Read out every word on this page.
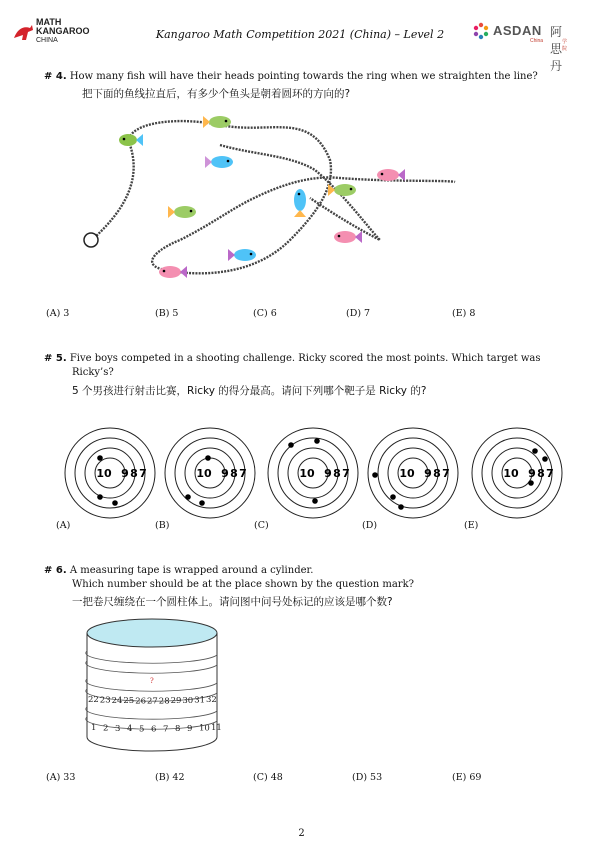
MATH
KANGAROO
CHINA	Kangaroo Math Competition 2021 (China) – Level 2	ASDAN 阿思丹
China	学院
# 4. How many fish will have their heads pointing towards the ring when we straighten the line?
把下面的鱼线拉直后，有多少个鱼头是朝着圆环的方向的?
(A) 3	(B) 5	(C) 6	(D) 7	(E) 8
# 5. Five boys competed in a shooting challenge. Ricky scored the most points. Which target was
Ricky’s?
5 个男孩进行射击比赛，Ricky 的得分最高。请问下列哪个靶子是 Ricky 的?
10 9 8 7
(A)
10 9 8 7
(B)
10 9 8 7
(C)
10 9 8 7
(D)
10 9 8 7
(E)
# 6. A measuring tape is wrapped around a cylinder.
Which number should be at the place shown by the question mark?
一把卷尺缠绕在一个圆柱体上。请问图中问号处标记的应该是哪个数?
?
22 23 24 25 26 27 28 29 30 31 32
1 2 3 4 5 6 7 8 9 10 11
(A) 33	(B) 42	(C) 48	(D) 53	(E) 69
2
